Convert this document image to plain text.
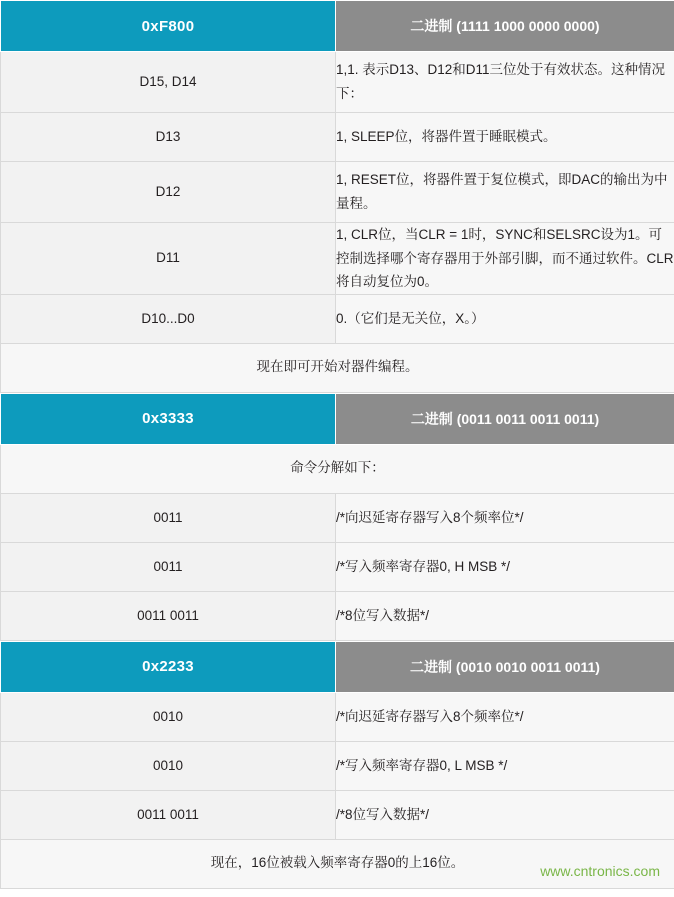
0xF800	二进制 (1111 1000 0000 0000)
D15, D14	1,1. 表示D13、D12和D11三位处于有效状态。这种情况下：
D13	1, SLEEP位，将器件置于睡眠模式。
D12	1, RESET位，将器件置于复位模式，即DAC的输出为中量程。
D11	1, CLR位，当CLR = 1时，SYNC和SELSRC设为1。可控制选择哪个寄存器用于外部引脚，而不通过软件。CLR将自动复位为0。
D10...D0	0.（它们是无关位，X。）
现在即可开始对器件编程。	
0x3333	二进制 (0011 0011 0011 0011)
命令分解如下：	
0011	/*向迟延寄存器写入8个频率位*/
0011	/*写入频率寄存器0, H MSB */
0011 0011	/*8位写入数据*/
0x2233	二进制 (0010 0010 0011 0011)
0010	/*向迟延寄存器写入8个频率位*/
0010	/*写入频率寄存器0, L MSB */
0011 0011	/*8位写入数据*/
现在，16位被载入频率寄存器0的上16位。		www.cntronics.com
